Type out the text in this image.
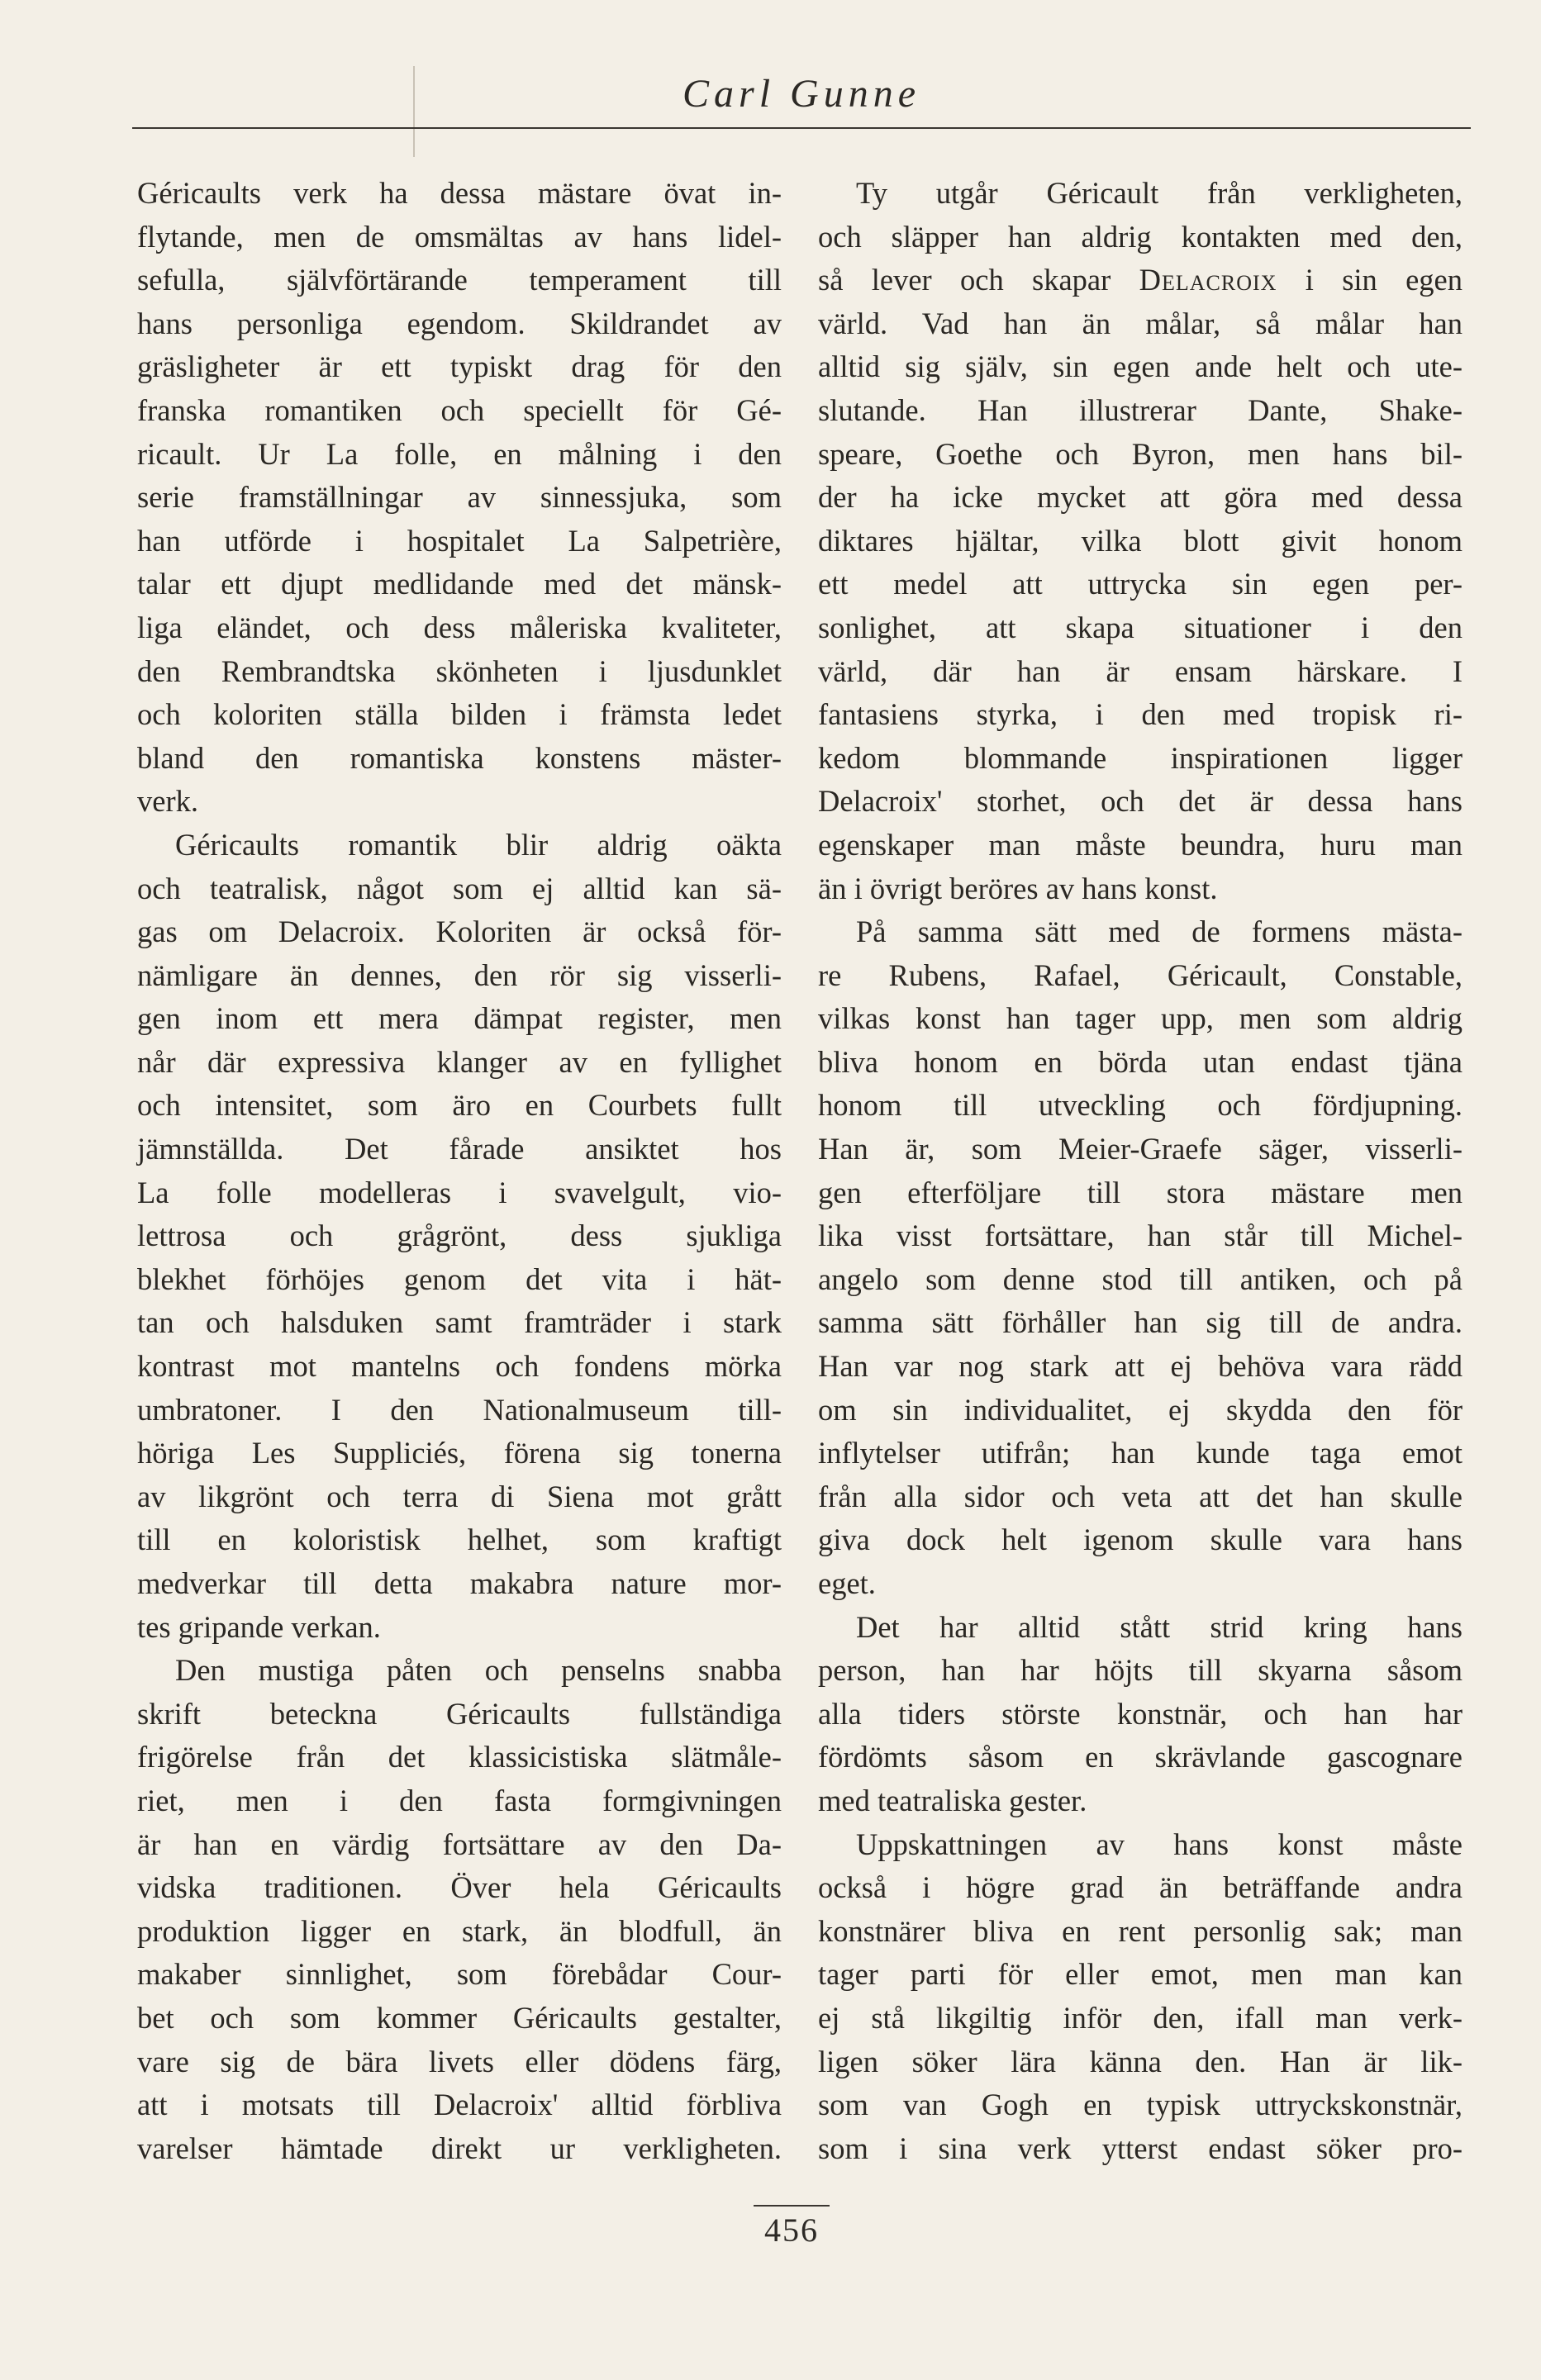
Carl Gunne
Géricaults verk ha dessa mästare övat in-
flytande, men de omsmältas av hans lidel-
sefulla, självförtärande temperament till
hans personliga egendom. Skildrandet av
gräsligheter är ett typiskt drag för den
franska romantiken och speciellt för Gé-
ricault. Ur La folle, en målning i den
serie framställningar av sinnessjuka, som
han utförde i hospitalet La Salpetrière,
talar ett djupt medlidande med det mänsk-
liga eländet, och dess måleriska kvaliteter,
den Rembrandtska skönheten i ljusdunklet
och koloriten ställa bilden i främsta ledet
bland den romantiska konstens mäster-
verk.
Géricaults romantik blir aldrig oäkta
och teatralisk, något som ej alltid kan sä-
gas om Delacroix. Koloriten är också för-
nämligare än dennes, den rör sig visserli-
gen inom ett mera dämpat register, men
når där expressiva klanger av en fyllighet
och intensitet, som äro en Courbets fullt
jämnställda. Det fårade ansiktet hos
La folle modelleras i svavelgult, vio-
lettrosa och grågrönt, dess sjukliga
blekhet förhöjes genom det vita i hät-
tan och halsduken samt framträder i stark
kontrast mot mantelns och fondens mörka
umbratoner. I den Nationalmuseum till-
höriga Les Suppliciés, förena sig tonerna
av likgrönt och terra di Siena mot grått
till en koloristisk helhet, som kraftigt
medverkar till detta makabra nature mor-
tes gripande verkan.
Den mustiga påten och penselns snabba
skrift beteckna Géricaults fullständiga
frigörelse från det klassicistiska slätmåle-
riet, men i den fasta formgivningen
är han en värdig fortsättare av den Da-
vidska traditionen. Över hela Géricaults
produktion ligger en stark, än blodfull, än
makaber sinnlighet, som förebådar Cour-
bet och som kommer Géricaults gestalter,
vare sig de bära livets eller dödens färg,
att i motsats till Delacroix' alltid förbliva
varelser hämtade direkt ur verkligheten.
Ty utgår Géricault från verkligheten,
och släpper han aldrig kontakten med den,
så lever och skapar Delacroix i sin egen
värld. Vad han än målar, så målar han
alltid sig själv, sin egen ande helt och ute-
slutande. Han illustrerar Dante, Shake-
speare, Goethe och Byron, men hans bil-
der ha icke mycket att göra med dessa
diktares hjältar, vilka blott givit honom
ett medel att uttrycka sin egen per-
sonlighet, att skapa situationer i den
värld, där han är ensam härskare. I
fantasiens styrka, i den med tropisk ri-
kedom blommande inspirationen ligger
Delacroix' storhet, och det är dessa hans
egenskaper man måste beundra, huru man
än i övrigt beröres av hans konst.
På samma sätt med de formens mästa-
re Rubens, Rafael, Géricault, Constable,
vilkas konst han tager upp, men som aldrig
bliva honom en börda utan endast tjäna
honom till utveckling och fördjupning.
Han är, som Meier-Graefe säger, visserli-
gen efterföljare till stora mästare men
lika visst fortsättare, han står till Michel-
angelo som denne stod till antiken, och på
samma sätt förhåller han sig till de andra.
Han var nog stark att ej behöva vara rädd
om sin individualitet, ej skydda den för
inflytelser utifrån; han kunde taga emot
från alla sidor och veta att det han skulle
giva dock helt igenom skulle vara hans
eget.
Det har alltid stått strid kring hans
person, han har höjts till skyarna såsom
alla tiders störste konstnär, och han har
fördömts såsom en skrävlande gascognare
med teatraliska gester.
Uppskattningen av hans konst måste
också i högre grad än beträffande andra
konstnärer bliva en rent personlig sak; man
tager parti för eller emot, men man kan
ej stå likgiltig inför den, ifall man verk-
ligen söker lära känna den. Han är lik-
som van Gogh en typisk uttryckskonstnär,
som i sina verk ytterst endast söker pro-
456
